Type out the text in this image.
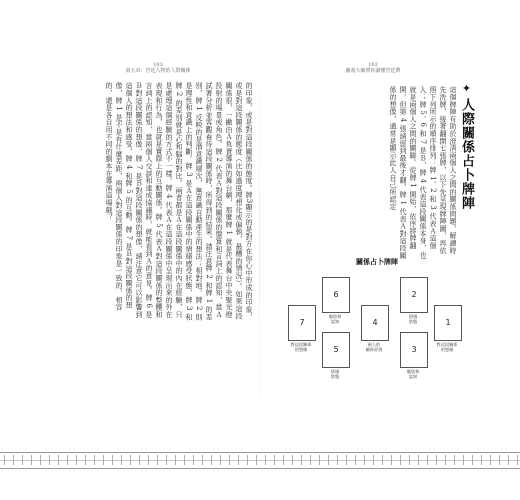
103
第五章：宮廷人物的人際關係
的印象，或是對這段關係的態度。牌3顯示的是對方在你心中形成的印象，或是對這段關係的態度（比如過度理想化或偏執，最糟的情況）。如果這段關係很，一撇由Ａ負責導演的舞台劇，那麼牌 1 就是代表舞台中央聚光燈投射的場景或角色。牌 2 代表Ａ對這段關係的盤算和言詞上的認知，當Ａ試著分析並客觀看待這段關係時，所得到的結果。請注意牌 2 和牌 1 的差別，牌 1 反映的是潛意識層次，無意識自動產生的想法；相對地，牌 2 則是理性和意識上的判斷。牌 3 是Ａ在這段關係中的情緒感受狀態，牌 3 和牌 2 的差別就是心和腦的對比。兩者都是Ａ在這段關係中的內在經驗，只是處理這個經驗的方式不一樣。牌 4 代表Ａ在這段關係中呈現出來的外在表現和行為，也就是實際上的互動關係。牌 5 代表Ａ對這段關係的整體和言詞上的認知，當兩個人交談和達成協議時，就能看到Ａ的意見。牌 6 是Ｂ對這段關係的想像，牌 7 是Ｂ對這段關係的想像，請注意它可以影響到這個人的想法和感受，牌 4 和牌 5 的互動。牌 7 是Ｂ對這段關係的想像，牌 1 是不是有什麼差距，兩個人對這段關係的印象是一致的，相容的，還是各自用不同的劇本在導演這場戲？
102
圖畫大師帶你讀懂宮廷牌
✦人際關係占卜牌陣
這個牌陣有助於澄清兩個人之間的關係問題，解讀時先洗牌，接著翻開七張牌，以下先呈現牌陣圖，再依照下列所示的順序排列：牌 1、2 和 3 代表Ａ這個人；牌 5、6 和 7 是Ｂ，牌 4 代表這段關係本身，也就是兩個人之間的關聯。從牌 1 開始，依序將牌翻開，但第 4 張請留到最後才翻，牌 1 代表Ａ對這段關係的想像，通常是顯示此人自己所認定
關係占卜牌陣
6
腦袋和
認知
2
情感
狀態
7
對這段關係
的想像
4
兩人的
關係原貌
1
對這段關係
的想像
5
情感
狀態
3
腦袋和
認知
